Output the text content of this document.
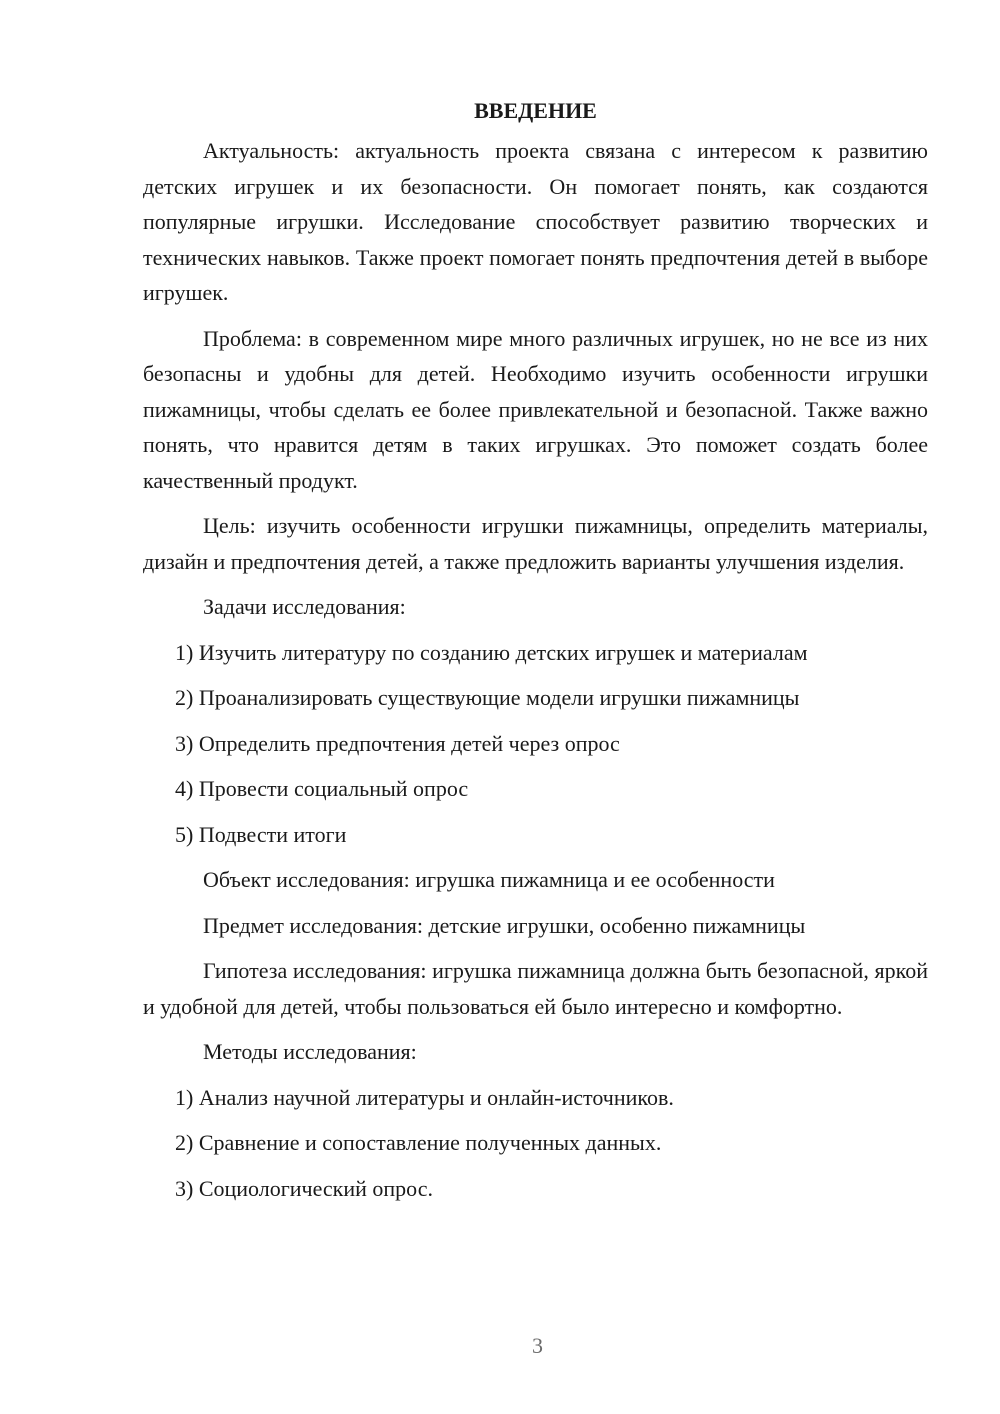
ВВЕДЕНИЕ

Актуальность: актуальность проекта связана с интересом к развитию детских игрушек и их безопасности. Он помогает понять, как создаются популярные игрушки. Исследование способствует развитию творческих и технических навыков. Также проект помогает понять предпочтения детей в выборе игрушек.

Проблема: в современном мире много различных игрушек, но не все из них безопасны и удобны для детей. Необходимо изучить особенности игрушки пижамницы, чтобы сделать ее более привлекательной и безопасной. Также важно понять, что нравится детям в таких игрушках. Это поможет создать более качественный продукт.

Цель: изучить особенности игрушки пижамницы, определить материалы, дизайн и предпочтения детей, а также предложить варианты улучшения изделия.

Задачи исследования:

1) Изучить литературу по созданию детских игрушек и материалам

2) Проанализировать существующие модели игрушки пижамницы

3) Определить предпочтения детей через опрос

4) Провести социальный опрос

5) Подвести итоги

Объект исследования: игрушка пижамница и ее особенности

Предмет исследования: детские игрушки, особенно пижамницы

Гипотеза исследования: игрушка пижамница должна быть безопасной, яркой и удобной для детей, чтобы пользоваться ей было интересно и комфортно.

Методы исследования:

1) Анализ научной литературы и онлайн-источников.

2) Сравнение и сопоставление полученных данных.

3) Социологический опрос.

3
